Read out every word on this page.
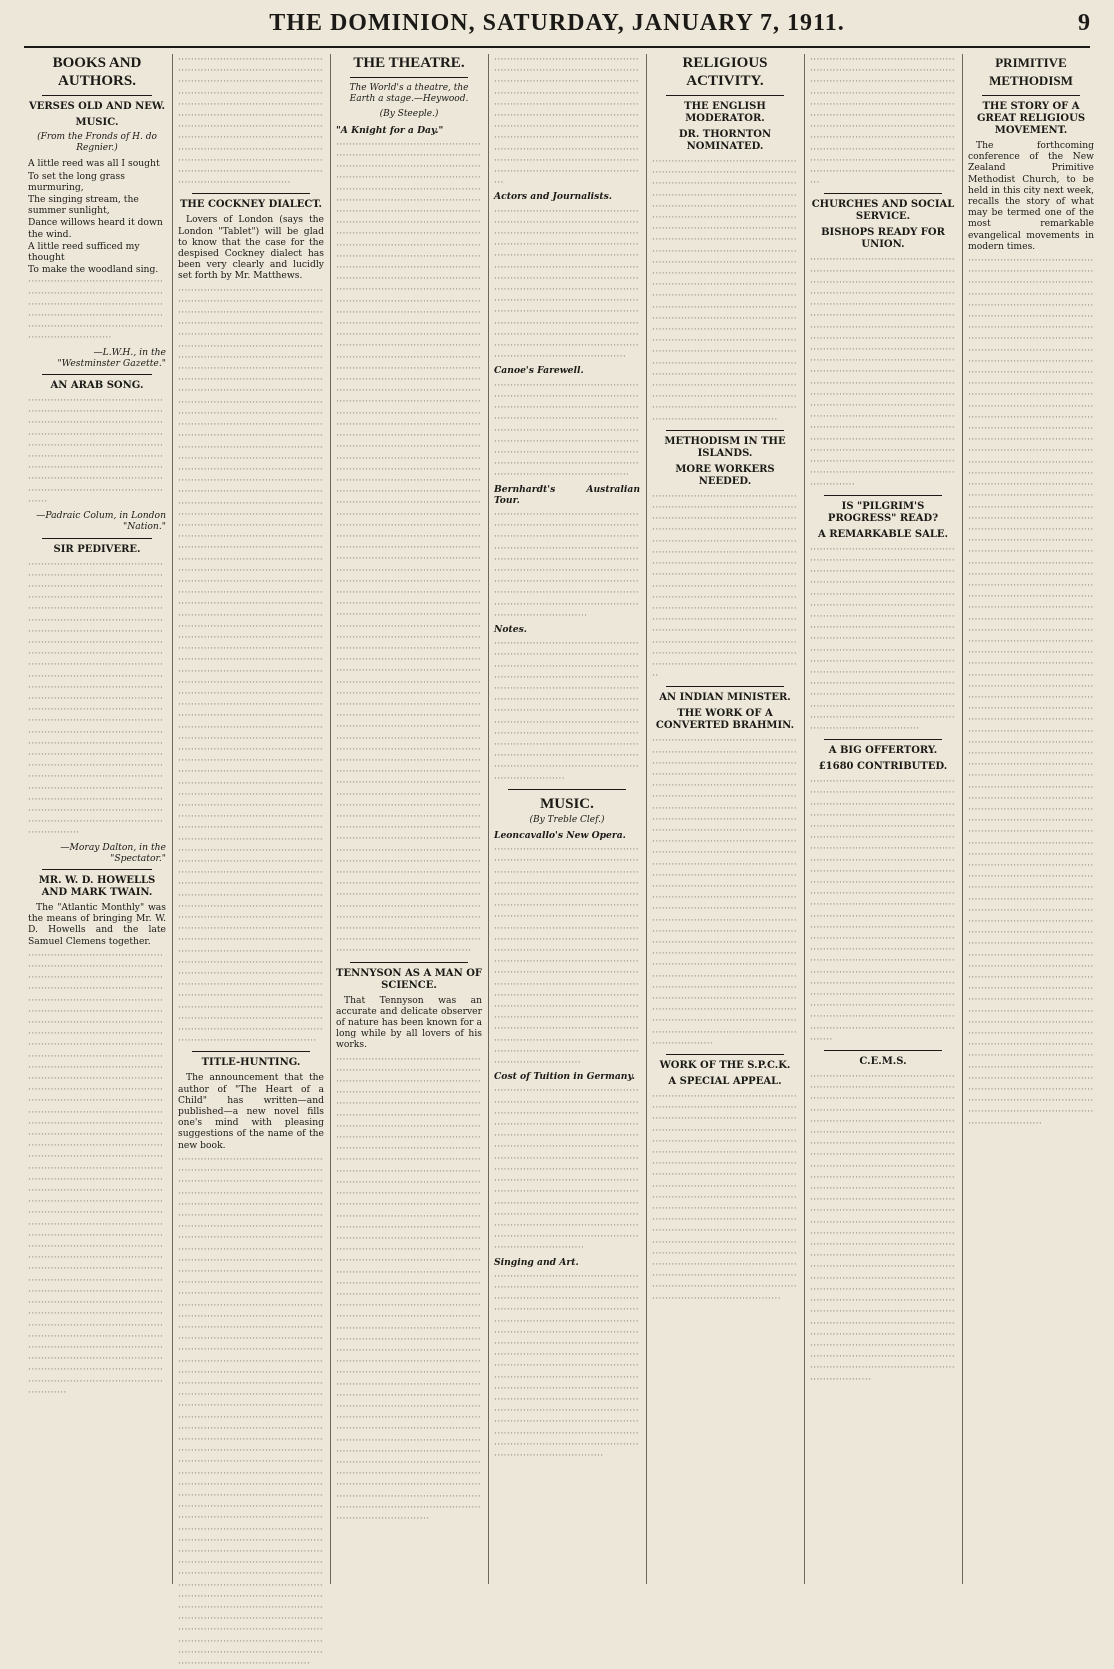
THE DOMINION, SATURDAY, JANUARY 7, 1911.	9
BOOKS AND AUTHORS.
VERSES OLD AND NEW.
MUSIC.
(From the Fronds of H. do Regnier.)

A little reed was all I sought

To set the long grass murmuring,

The singing stream, the summer sunlight,

Dance willows heard it down the wind.

A little reed sufficed my thought

To make the woodland sing.

············································································································································································································································

—L.W.H., in the "Westminster Gazette."
AN ARAB SONG.

································································································································································································································································································································································································

—Padraic Colum, in London "Nation."
SIR PEDIVERE.

································································································································································································································································································································································································································································································································································································································································································································································································································································································································································································································································

—Moray Dalton, in the "Spectator."
MR. W. D. HOWELLS AND MARK TWAIN.

The "Atlantic Monthly" was the means of bringing Mr. W. D. Howells and the late Samuel Clemens together.

··················································································································································································································································································································································································································································································································································································································································································································································································································································································································································································································································································································································································································································································································································································································································································································································································································································································································

··················································································································································································································································································································································································································································································································································

THE COCKNEY DIALECT.

Lovers of London (says the London "Tablet") will be glad to know that the case for the despised Cockney dialect has been very clearly and lucidly set forth by Mr. Matthews.

··················································································································································································································································································································································································································································································································································································································································································································································································································································································································································································································································································································································································································································································································································································································································································································································································································································································································································································································································································································································································································································································································································································································································································································································································································································································································································································································································································································································································································································································································································································································································································································································································

TITLE-HUNTING.

The announcement that the author of "The Heart of a Child" has written—and published—a new novel fills one's mind with pleasing suggestions of the name of the new book.

··················································································································································································································································································································································································································································································································································································································································································································································································································································································································································································································································································································································································································································································································································································································································································································································································································································································································································································································································································································································································································································································································································

THE THEATRE.
The World's a theatre, the Earth a stage.—Heywood.
(By Steeple.)

"A Knight for a Day."

··················································································································································································································································································································································································································································································································································································································································································································································································································································································································································································································································································································································································································································································································································································································································································································································································································································································································································································································································································································································································································································································································································································································································································································································································································································································································································································································································································································································································································································································································································································································································································································································································································································································································································································································

TENNYSON AS A MAN OF SCIENCE.

That Tennyson was an accurate and delicate observer of nature has been known for a long while by all lovers of his works.

··················································································································································································································································································································································································································································································································································································································································································································································································································································································································································································································································································································································································································································································································································································································································································································································································································································································································································································································································································································································

··················································································································································································································································································································································································································································································································

Actors and Journalists.

··················································································································································································································································································································································································································································································································································································································································

Canoe's Farewell.

··················································································································································································································································································································································································································

Bernhardt's Australian Tour.

··················································································································································································································································································································································································································································

Notes.

··················································································································································································································································································································································································································································································································································································

MUSIC.
(By Treble Clef.)

Leoncavallo's New Opera.

··················································································································································································································································································································································································································································································································································································································································································································································································································································································································

Cost of Tuition in Germany.

··················································································································································································································································································································································································································································································································································································································································································

Singing and Art.

··················································································································································································································································································································································································································································································································································································································································································································································································

RELIGIOUS ACTIVITY.
THE ENGLISH MODERATOR.
DR. THORNTON NOMINATED.

··················································································································································································································································································································································································································································································································································································································································································································································································································································································································································································································································································································

METHODISM IN THE ISLANDS.
MORE WORKERS NEEDED.

··················································································································································································································································································································································································································································································································································································································································································································································

AN INDIAN MINISTER.
THE WORK OF A CONVERTED BRAHMIN.

··················································································································································································································································································································································································································································································································································································································································································································································································································································································································································································································································································································································································································································································

WORK OF THE S.P.C.K.
A SPECIAL APPEAL.

··················································································································································································································································································································································································································································································································································································································································································································································································································································································

··················································································································································································································································································································································································································································································································

CHURCHES AND SOCIAL SERVICE.
BISHOPS READY FOR UNION.

··················································································································································································································································································································································································································································································································································································································································································································································································································································································································································

IS "PILGRIM'S PROGRESS" READ?
A REMARKABLE SALE.

··················································································································································································································································································································································································································································································································································································································································································································································································

A BIG OFFERTORY.
£1680 CONTRIBUTED.

··················································································································································································································································································································································································································································································································································································································································································································································································································································································································································································································································································

C.E.M.S.

··················································································································································································································································································································································································································································································································································································································································································································································································································································································································································································································································································································································································································································································

PRIMITIVE METHODISM
THE STORY OF A GREAT RELIGIOUS MOVEMENT.

The forthcoming conference of the New Zealand Primitive Methodist Church, to be held in this city next week, recalls the story of what may be termed one of the most remarkable evangelical movements in modern times.

··················································································································································································································································································································································································································································································································································································································································································································································································································································································································································································································································································································································································································································································································································································································································································································································································································································································································································································································································································································································································································································································································································································································································································································································································································································································································································································································································································································································································································································································································································································································································································································································
